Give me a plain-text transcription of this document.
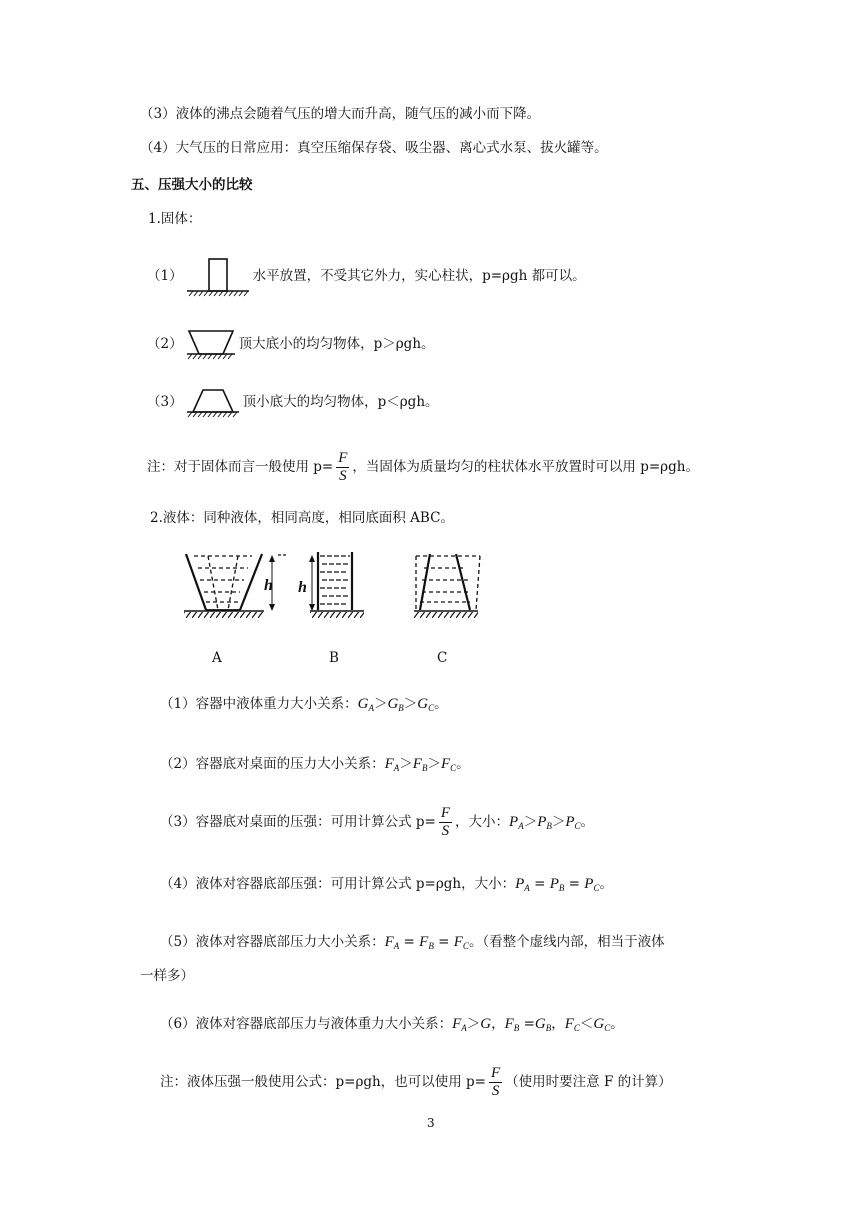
（3）液体的沸点会随着气压的增大而升高，随气压的减小而下降。
（4）大气压的日常应用：真空压缩保存袋、吸尘器、离心式水泵、拔火罐等。
五、压强大小的比较
1.固体：
（1）	水平放置，不受其它外力，实心柱状，p=ρgh 都可以。
（2）	顶大底小的均匀物体，p＞ρgh。
（3）	顶小底大的均匀物体，p＜ρgh。
注：对于固体而言一般使用 $p= \frac{F}{S}$ ，当固体为质量均匀的柱状体水平放置时可以用 p=ρgh。
2.液体：同种液体，相同高度，相同底面积 ABC。
h h
A	B	C
（1）容器中液体重力大小关系：$G_A>G_B>G_C$。
（2）容器底对桌面的压力大小关系：$F_A>F_B>F_C$。
（3）容器底对桌面的压强：可用计算公式 $p= \frac{F}{S}$ ，大小：$P_A>P_B>P_C$。
（4）液体对容器底部压强：可用计算公式 p=ρgh，大小：$P_A = P_B = P_C$。
（5）液体对容器底部压力大小关系：$F_A = F_B = F_C$。（看整个虚线内部，相当于液体
一样多）
（6）液体对容器底部压力与液体重力大小关系：$F_A>G$，$F_B =G_B$，$F_C<G_C$。
注：液体压强一般使用公式：p=ρgh，也可以使用 $p= \frac{F}{S}$ （使用时要注意 F 的计算）
3
